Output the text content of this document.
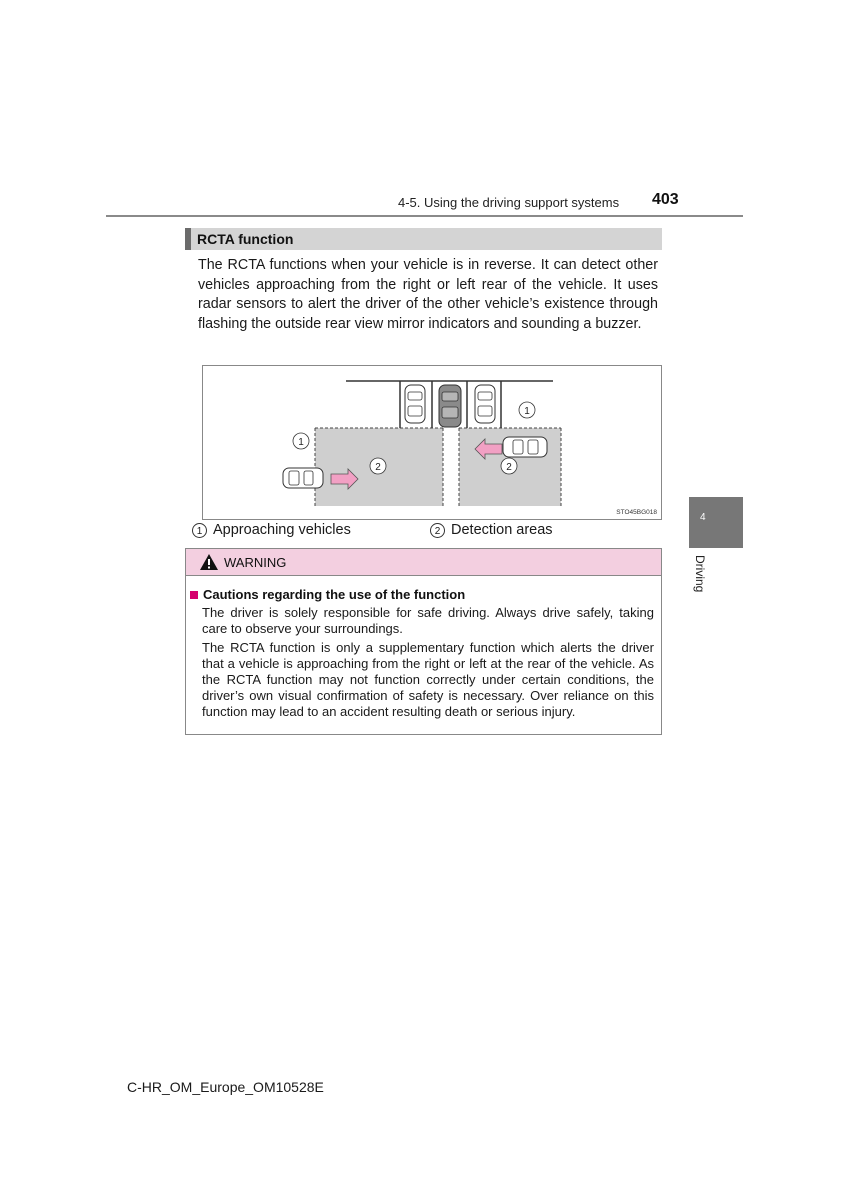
4-5. Using the driving support systems 403
RCTA function
The RCTA functions when your vehicle is in reverse. It can detect other vehicles approaching from the right or left rear of the vehicle. It uses radar sensors to alert the driver of the other vehicle’s existence through flashing the outside rear view mirror indicators and sounding a buzzer.
1
1
2	2
STO45BG018
1 Approaching vehicles	2 Detection areas
WARNING
Cautions regarding the use of the function
The driver is solely responsible for safe driving. Always drive safely, taking care to observe your surroundings.
The RCTA function is only a supplementary function which alerts the driver that a vehicle is approaching from the right or left at the rear of the vehicle. As the RCTA function may not function correctly under certain conditions, the driver’s own visual confirmation of safety is necessary. Over reliance on this function may lead to an accident resulting death or serious injury.
4
Driving
C-HR_OM_Europe_OM10528E
